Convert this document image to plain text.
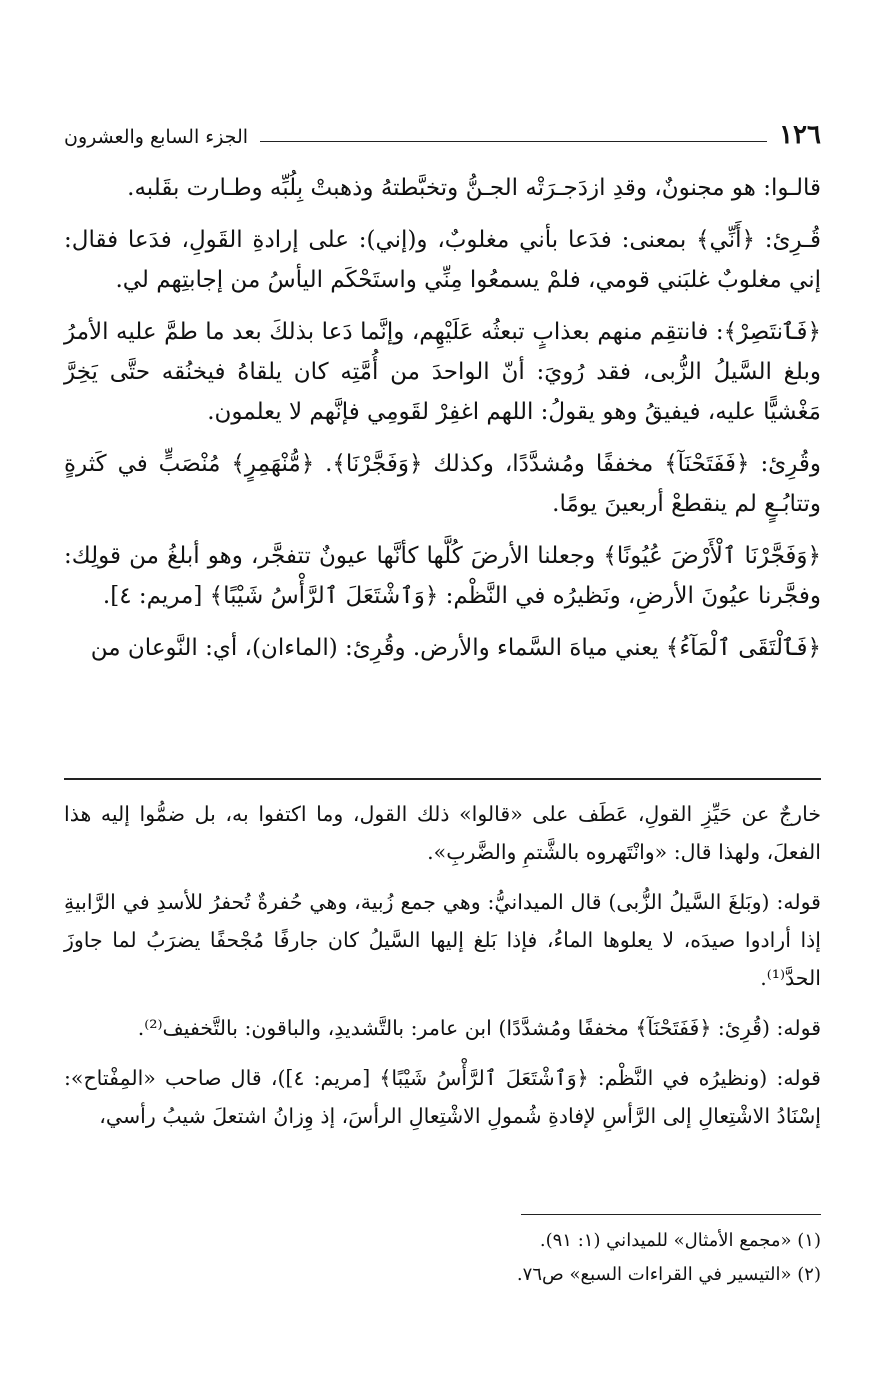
١٢٦
الجزء السابع والعشرون

قالـوا: هو مجنونٌ، وقدِ ازدَجـرَتْه الجـنُّ وتخبَّطتهُ وذهبتْ بِلُبِّه وطـارت بقَلبه.

قُـرِئ: ﴿أَنِّي﴾ بمعنى: فدَعا بأني مغلوبٌ، و(إني): على إرادةِ القَولِ، فدَعا فقال: إني مغلوبٌ غلبَني قومي، فلمْ يسمعُوا مِنِّي واستَحْكَم اليأسُ من إجابتِهم لي.

﴿فَٱنتَصِرْ﴾: فانتقِم منهم بعذابٍ تبعثُه عَلَيْهِم، وإنَّما دَعا بذلكَ بعد ما طمَّ عليه الأمرُ وبلغ السَّيلُ الزُّبى، فقد رُويَ: أنّ الواحدَ من أُمَّتِه كان يلقاهُ فيخنُقه حتَّى يَخِرَّ مَغْشيًّا عليه، فيفيقُ وهو يقولُ: اللهم اغفِرْ لقَومِي فإنَّهم لا يعلمون.

وقُرِئ: ﴿فَفَتَحْنَآ﴾ مخففًا ومُشدَّدًا، وكذلك ﴿وَفَجَّرْنَا﴾. ﴿مُّنْهَمِرٍ﴾ مُنْصَبٍّ في كَثرةٍ وتتابُـعٍ لم ينقطعْ أربعينَ يومًا.

﴿وَفَجَّرْنَا ٱلْأَرْضَ عُيُونًا﴾ وجعلنا الأرضَ كُلَّها كأنَّها عيونٌ تتفجَّر، وهو أبلغُ من قولِك: وفجَّرنا عيُونَ الأرضِ، ونَظيرُه في النَّظْم: ﴿وَٱشْتَعَلَ ٱلرَّأْسُ شَيْبًا﴾ [مريم: ٤].

﴿فَٱلْتَقَى ٱلْمَآءُ﴾ يعني مياهَ السَّماء والأرض. وقُرِئ: (الماءان)، أي: النَّوعان من

خارجٌ عن حَيِّزِ القولِ، عَطَف على «قالوا» ذلك القول، وما اكتفوا به، بل ضمُّوا إليه هذا الفعلَ، ولهذا قال: «وانْتَهروه بالشَّتمِ والضَّربِ».

قوله: (وبَلغَ السَّيلُ الزُّبى) قال الميدانيُّ: وهي جمع زُبية، وهي حُفرةٌ تُحفرُ للأسدِ في الرَّابيةِ إذا أرادوا صيدَه، لا يعلوها الماءُ، فإذا بَلغ إليها السَّيلُ كان جارفًا مُجْحفًا يضرَبُ لما جاوزَ الحدَّ⁽¹⁾.

قوله: (قُرِئ: ﴿فَفَتَحْنَآ﴾ مخففًا ومُشدَّدًا) ابن عامر: بالتَّشديدِ، والباقون: بالتَّخفيف⁽²⁾.

قوله: (ونظيرُه في النَّظْم: ﴿وَٱشْتَعَلَ ٱلرَّأْسُ شَيْبًا﴾ [مريم: ٤])، قال صاحب «المِفْتاح»: إسْنَادُ الاشْتِعالِ إلى الرَّأسِ لإفادةِ شُمولِ الاشْتِعالِ الرأسَ، إذ وِزانُ اشتعلَ شيبُ رأسي،

(١) «مجمع الأمثال» للميداني (١: ٩١).
(٢) «التيسير في القراءات السبع» ص٧٦.
